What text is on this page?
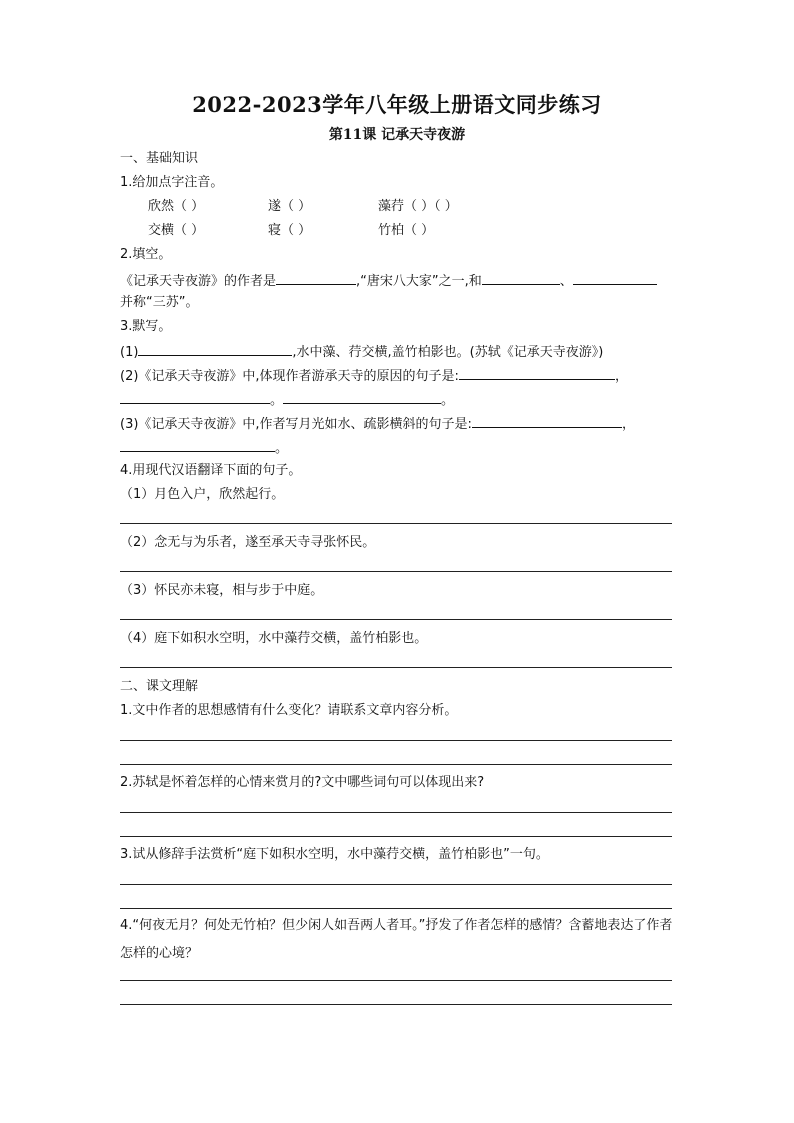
2022-2023学年八年级上册语文同步练习
第11课 记承天寺夜游
一、基础知识
1.给加点字注音。
欣然（ ）	遂（ ）	藻荇（ ）（ ）
交横（ ）	寝（ ）	竹柏（ ）
2.填空。
《记承天寺夜游》的作者是	,“唐宋八大家”之一,和	、
并称“三苏”。
3.默写。
(1)	,水中藻、荇交横,盖竹柏影也。(苏轼《记承天寺夜游》)
(2)《记承天寺夜游》中,体现作者游承天寺的原因的句子是:	，
。	。
(3)《记承天寺夜游》中,作者写月光如水、疏影横斜的句子是:	，
。
4.用现代汉语翻译下面的句子。
（1）月色入户，欣然起行。
（2）念无与为乐者，遂至承天寺寻张怀民。
（3）怀民亦未寝，相与步于中庭。
（4）庭下如积水空明，水中藻荇交横，盖竹柏影也。
二、课文理解
1.文中作者的思想感情有什么变化？请联系文章内容分析。
2.苏轼是怀着怎样的心情来赏月的?文中哪些词句可以体现出来?
3.试从修辞手法赏析“庭下如积水空明，水中藻荇交横，盖竹柏影也”一句。
4.“何夜无月？何处无竹柏？但少闲人如吾两人者耳。”抒发了作者怎样的感情？含蓄地表达了作者怎样的心境？
